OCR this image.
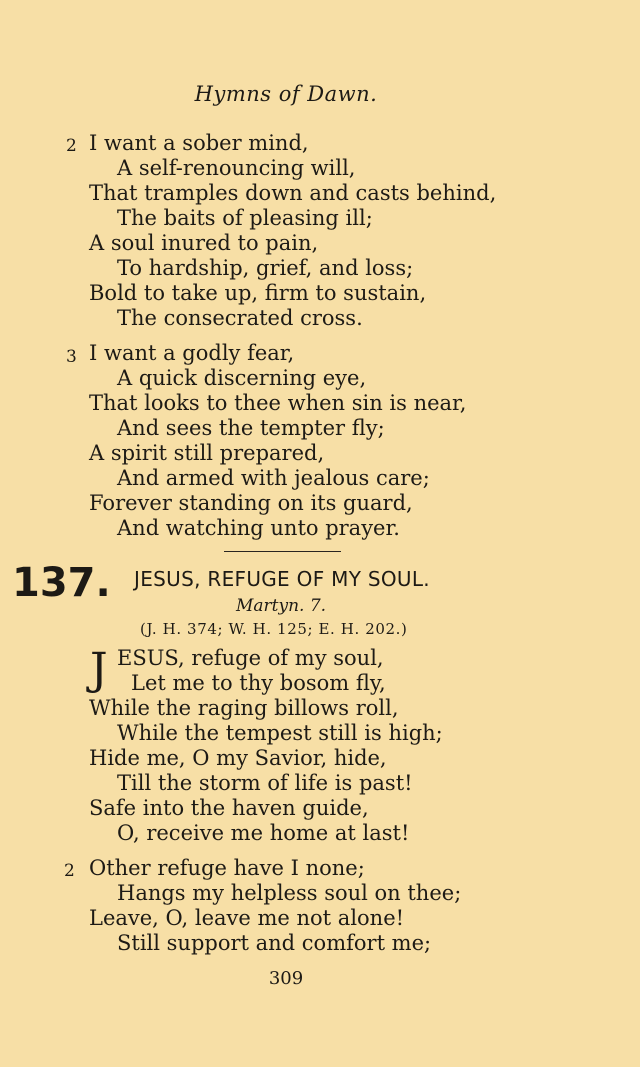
Hymns of Dawn.
2 I want a sober mind,
A self-renouncing will,
That tramples down and casts behind,
The baits of pleasing ill;
A soul inured to pain,
To hardship, grief, and loss;
Bold to take up, firm to sustain,
The consecrated cross.
3 I want a godly fear,
A quick discerning eye,
That looks to thee when sin is near,
And sees the tempter fly;
A spirit still prepared,
And armed with jealous care;
Forever standing on its guard,
And watching unto prayer.
137. JESUS, REFUGE OF MY SOUL.
Martyn. 7.
(J. H. 374; W. H. 125; E. H. 202.)
J ESUS, refuge of my soul,
Let me to thy bosom fly,
While the raging billows roll,
While the tempest still is high;
Hide me, O my Savior, hide,
Till the storm of life is past!
Safe into the haven guide,
O, receive me home at last!
2 Other refuge have I none;
Hangs my helpless soul on thee;
Leave, O, leave me not alone!
Still support and comfort me;
309
